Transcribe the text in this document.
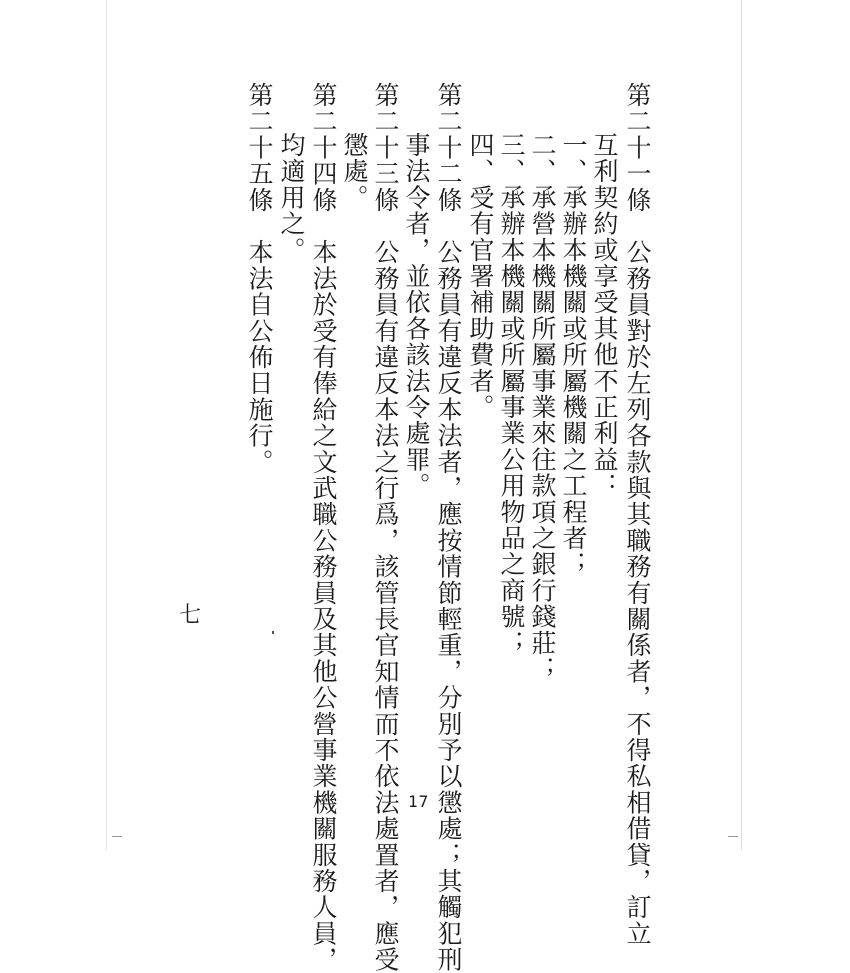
第二十一條　公務員對於左列各款與其職務有關係者，不得私相借貸，訂立
互利契約或享受其他不正利益：
一、承辦本機關或所屬機關之工程者；
二、承營本機關所屬事業來往款項之銀行錢莊；
三、承辦本機關或所屬事業公用物品之商號；
四、受有官署補助費者。
第二十二條　公務員有違反本法者，應按情節輕重，分別予以懲處；其觸犯刑
事法令者，並依各該法令處罪。
第二十三條　公務員有違反本法之行爲，該管長官知情而不依法處置者，應受
懲處。
第二十四條　本法於受有俸給之文武職公務員及其他公營事業機關服務人員，
均適用之。
第二十五條　本法自公佈日施行。
七
17
